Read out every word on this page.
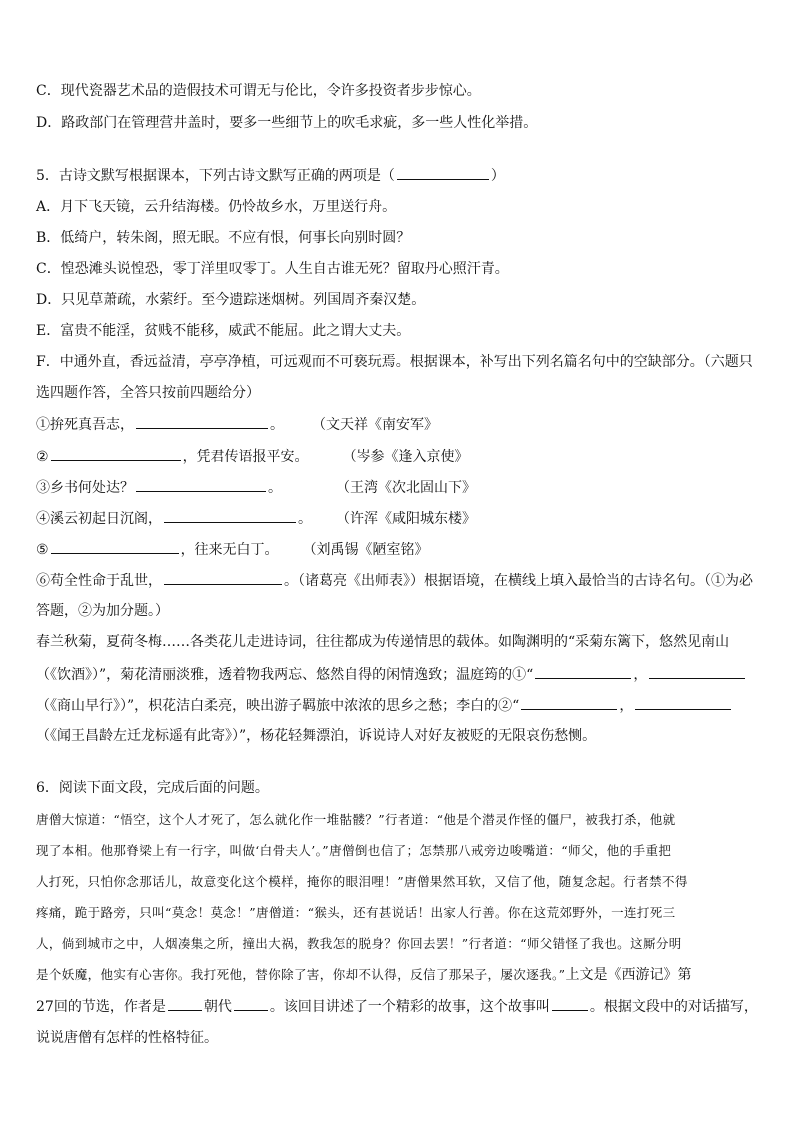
C．现代瓷器艺术品的造假技术可谓无与伦比，令许多投资者步步惊心。
D．路政部门在管理营井盖时，要多一些细节上的吹毛求疵，多一些人性化举措。
5．古诗文默写根据课本，下列古诗文默写正确的两项是（	）
A．月下飞天镜，云升结海楼。仍怜故乡水，万里送行舟。
B．低绮户，转朱阁，照无眠。不应有恨，何事长向别时圆？
C．惶恐滩头说惶恐，零丁洋里叹零丁。人生自古谁无死？留取丹心照汗青。
D．只见草萧疏，水萦纡。至今遗踪迷烟树。列国周齐秦汉楚。
E．富贵不能淫，贫贱不能移，威武不能屈。此之谓大丈夫。
F．中通外直，香远益清，亭亭净植，可远观而不可亵玩焉。根据课本，补写出下列名篇名句中的空缺部分。（六题只
选四题作答，全答只按前四题给分）
①拚死真吾志，	。 （文天祥《南安军》
②	，凭君传语报平安。 （岑参《逢入京使》
③乡书何处达？	。	（王湾《次北固山下》
④溪云初起日沉阁，	。 （许浑《咸阳城东楼》
⑤	，往来无白丁。 （刘禹锡《陋室铭》
⑥苟全性命于乱世，	。（诸葛亮《出师表》）根据语境，在横线上填入最恰当的古诗名句。（①为必
答题，②为加分题。）
春兰秋菊，夏荷冬梅……各类花儿走进诗词，往往都成为传递情思的载体。如陶渊明的“采菊东篱下，悠然见南山
（《饮酒》）”，菊花清丽淡雅，透着物我两忘、悠然自得的闲情逸致；温庭筠的①“	，
（《商山早行》）”，枳花洁白柔亮，映出游子羁旅中浓浓的思乡之愁；李白的②“	，
（《闻王昌龄左迁龙标遥有此寄》）”，杨花轻舞漂泊，诉说诗人对好友被贬的无限哀伤愁恻。
6．阅读下面文段，完成后面的问题。
唐僧大惊道：“悟空，这个人才死了，怎么就化作一堆骷髅？”行者道：“他是个潜灵作怪的僵尸，被我打杀，他就
现了本相。他那脊梁上有一行字，叫做‘白骨夫人’。”唐僧倒也信了；怎禁那八戒旁边唆嘴道：“师父，他的手重把
人打死，只怕你念那话儿，故意变化这个模样，掩你的眼泪哩！”唐僧果然耳软，又信了他，随复念起。行者禁不得
疼痛，跪于路旁，只叫“莫念！莫念！”唐僧道：“猴头，还有甚说话！出家人行善。你在这荒郊野外，一连打死三
人，倘到城市之中，人烟凑集之所，撞出大祸，教我怎的脱身？你回去罢！”行者道：“师父错怪了我也。这厮分明
是个妖魔，他实有心害你。我打死他，替你除了害，你却不认得，反信了那呆子，屡次逐我。”上文是《西游记》第
27回的节选，作者是	朝代	。该回目讲述了一个精彩的故事，这个故事叫	。根据文段中的对话描写，
说说唐僧有怎样的性格特征。
